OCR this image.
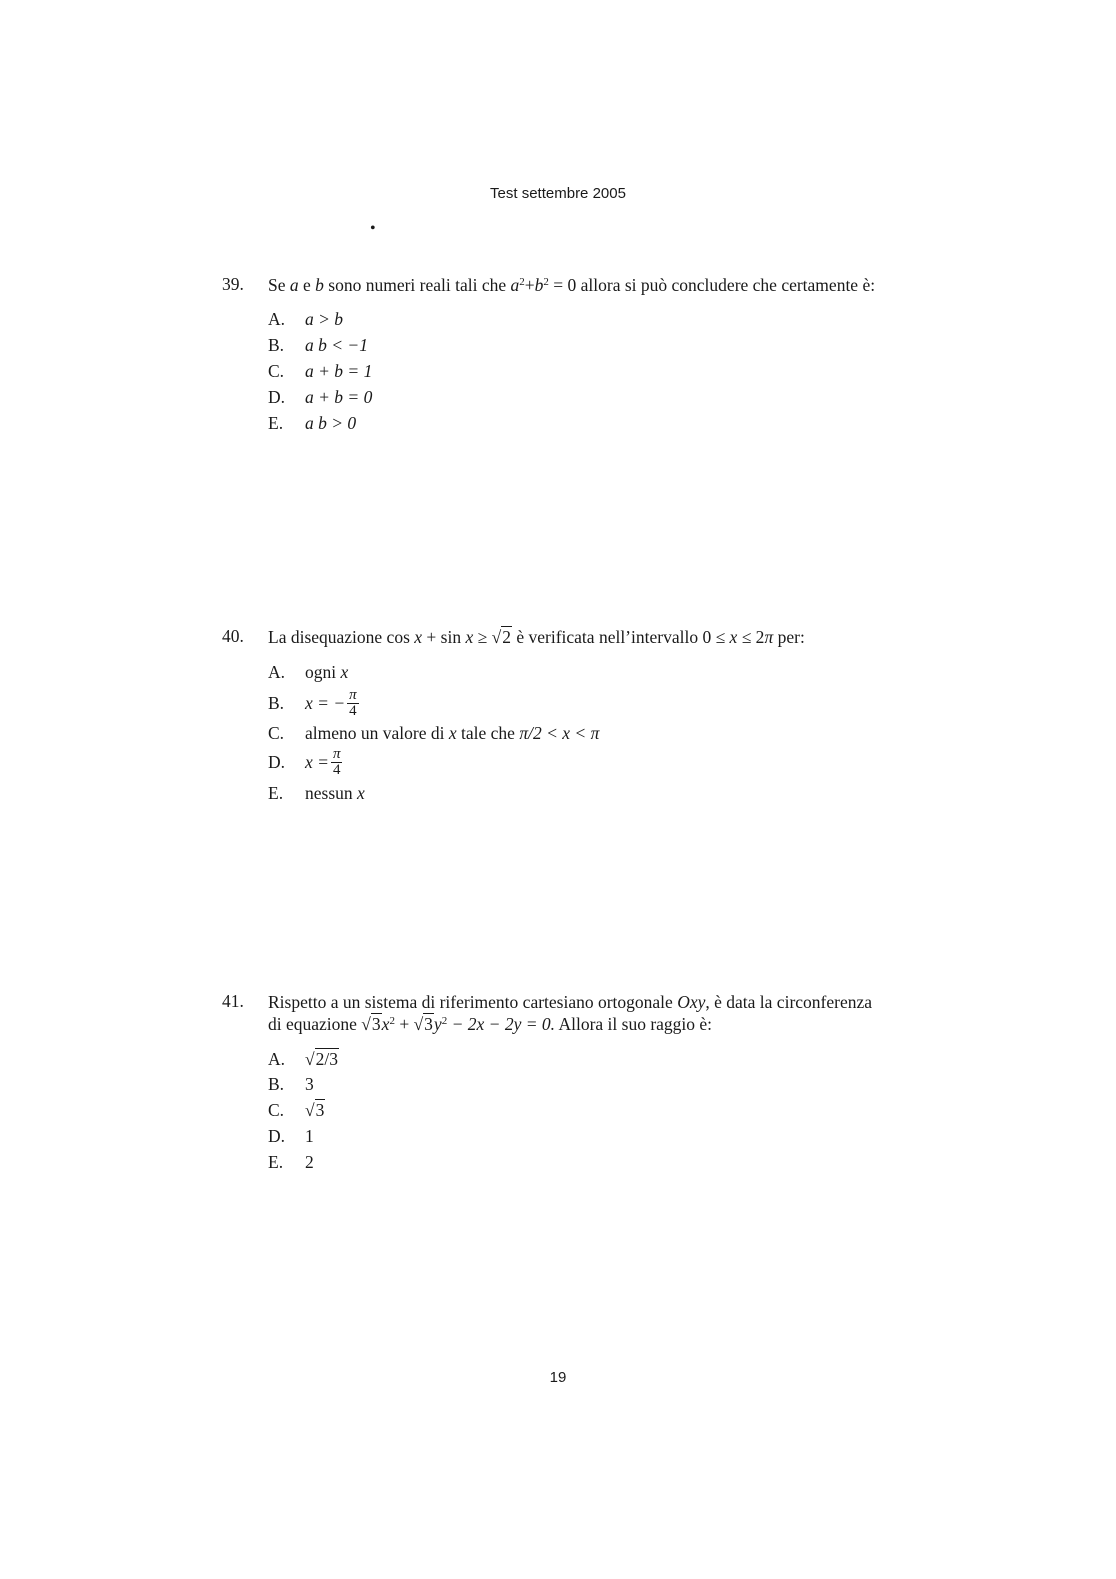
Test settembre 2005
•
39. Se a e b sono numeri reali tali che $a^2+b^2 = 0$ allora si può concludere che certamente è:
A.	a > b
B.	a b < −1
C.	a + b = 1
D.	a + b = 0
E.	a b > 0
40. La disequazione cos x + sin x ≥ √2 è verificata nell’intervallo 0 ≤ x ≤ 2π per:
A.	ogni
x
B.	x = − $\frac{\pi}{4}$
C.	almeno un valore di
x
tale che
π/2 < x < π
D.	$x = \frac{\pi}{4}$
E.	nessun
x
41. Rispetto a un sistema di riferimento cartesiano ortogonale Oxy, è data la circonferenza
di equazione $√3x^2 + √3y^2 - 2x - 2y = 0$. Allora il suo raggio è:
A.	√2/3
B.	3
C.	√3
D.	1
E.	2
19
